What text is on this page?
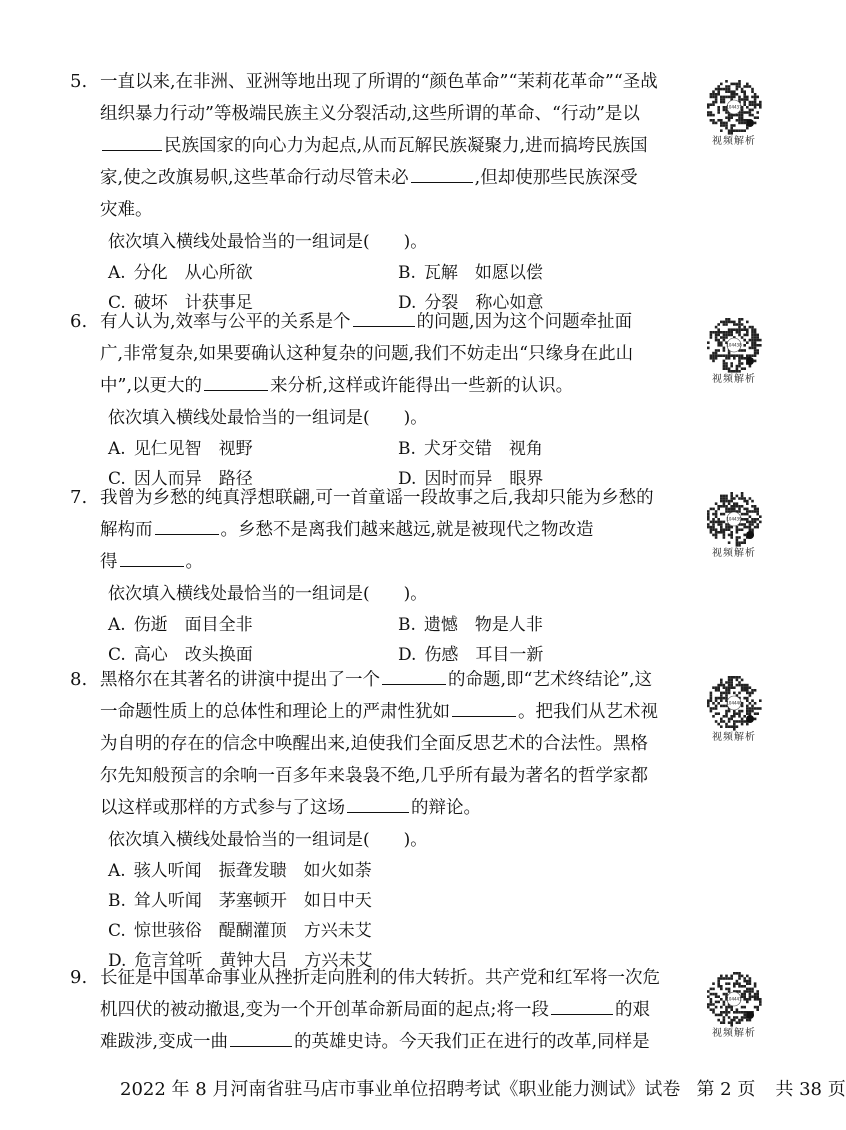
5. 一直以来,在非洲、亚洲等地出现了所谓的“颜色革命”“茉莉花革命”“圣战

组织暴力行动”等极端民族主义分裂活动,这些所谓的革命、“行动”是以

民族国家的向心力为起点,从而瓦解民族凝聚力,进而搞垮民族国

家,使之改旗易帜,这些革命行动尽管未必	,但却使那些民族深受

灾难。

依次填入横线处最恰当的一组词是(　　)。

A. 分化　从心所欲	B. 瓦解　如愿以偿
C. 破坏　计获事足	D. 分裂　称心如意
6. 有人认为,效率与公平的关系是个	的问题,因为这个问题牵扯面

广,非常复杂,如果要确认这种复杂的问题,我们不妨走出“只缘身在此山

中”,以更大的	来分析,这样或许能得出一些新的认识。

依次填入横线处最恰当的一组词是(　　)。

A. 见仁见智　视野	B. 犬牙交错　视角
C. 因人而异　路径	D. 因时而异　眼界
7. 我曾为乡愁的纯真浮想联翩,可一首童谣一段故事之后,我却只能为乡愁的

解构而	。乡愁不是离我们越来越远,就是被现代之物改造

得	。

依次填入横线处最恰当的一组词是(　　)。

A. 伤逝　面目全非	B. 遗憾　物是人非
C. 高心　改头换面	D. 伤感　耳目一新
8. 黑格尔在其著名的讲演中提出了一个	的命题,即“艺术终结论”,这

一命题性质上的总体性和理论上的严肃性犹如	。把我们从艺术视

为自明的存在的信念中唤醒出来,迫使我们全面反思艺术的合法性。黑格

尔先知般预言的余响一百多年来袅袅不绝,几乎所有最为著名的哲学家都

以这样或那样的方式参与了这场	的辩论。

依次填入横线处最恰当的一组词是(　　)。

A. 骇人听闻　振聋发聩　如火如荼
B. 耸人听闻　茅塞顿开　如日中天
C. 惊世骇俗　醍醐灌顶　方兴未艾
D. 危言耸听　黄钟大吕　方兴未艾
9. 长征是中国革命事业从挫折走向胜利的伟大转折。共产党和红军将一次危

机四伏的被动撤退,变为一个开创革命新局面的起点;将一段	的艰

难跋涉,变成一曲	的英雄史诗。今天我们正在进行的改革,同样是

104437
视频解析
104438
视频解析
104439
视频解析
104440
视频解析
104441
视频解析
2022 年 8 月河南省驻马店市事业单位招聘考试《职业能力测试》试卷 第 2 页 共 38 页
